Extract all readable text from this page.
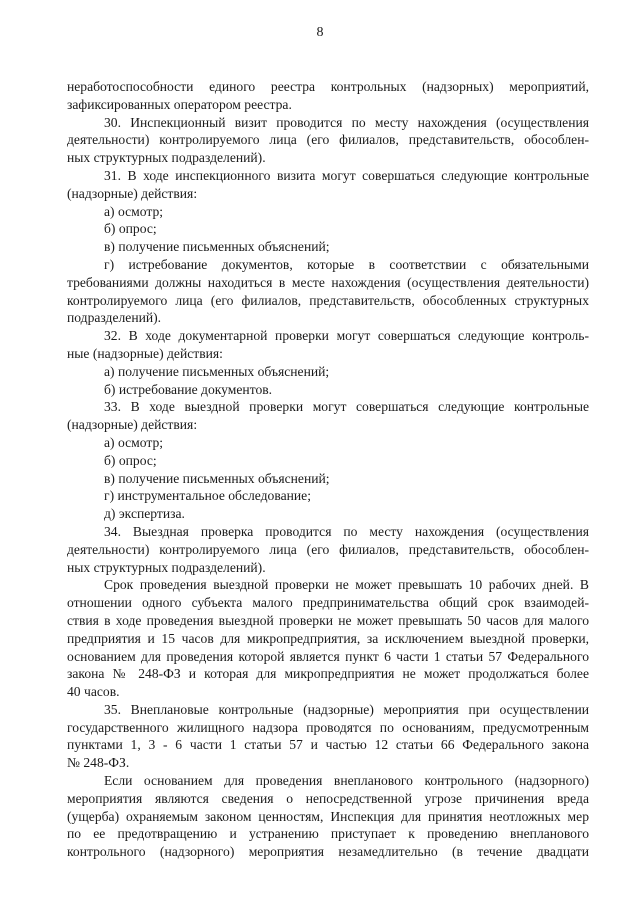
8
неработоспособности единого реестра контрольных (надзорных) мероприятий,
зафиксированных оператором реестра.
30. Инспекционный визит проводится по месту нахождения (осуществления
деятельности) контролируемого лица (его филиалов, представительств, обособлен-
ных структурных подразделений).
31. В ходе инспекционного визита могут совершаться следующие контрольные
(надзорные) действия:
а) осмотр;
б) опрос;
в) получение письменных объяснений;
г) истребование документов, которые в соответствии с обязательными
требованиями должны находиться в месте нахождения (осуществления деятельности)
контролируемого лица (его филиалов, представительств, обособленных структурных
подразделений).
32. В ходе документарной проверки могут совершаться следующие контроль-
ные (надзорные) действия:
а) получение письменных объяснений;
б) истребование документов.
33. В ходе выездной проверки могут совершаться следующие контрольные
(надзорные) действия:
а) осмотр;
б) опрос;
в) получение письменных объяснений;
г) инструментальное обследование;
д) экспертиза.
34. Выездная проверка проводится по месту нахождения (осуществления
деятельности) контролируемого лица (его филиалов, представительств, обособлен-
ных структурных подразделений).
Срок проведения выездной проверки не может превышать 10 рабочих дней. В
отношении одного субъекта малого предпринимательства общий срок взаимодей-
ствия в ходе проведения выездной проверки не может превышать 50 часов для малого
предприятия и 15 часов для микропредприятия, за исключением выездной проверки,
основанием для проведения которой является пункт 6 части 1 статьи 57 Федерального
закона № 248-ФЗ и которая для микропредприятия не может продолжаться более
40 часов.
35. Внеплановые контрольные (надзорные) мероприятия при осуществлении
государственного жилищного надзора проводятся по основаниям, предусмотренным
пунктами 1, 3 - 6 части 1 статьи 57 и частью 12 статьи 66 Федерального закона
№ 248-ФЗ.
Если основанием для проведения внепланового контрольного (надзорного)
мероприятия являются сведения о непосредственной угрозе причинения вреда
(ущерба) охраняемым законом ценностям, Инспекция для принятия неотложных мер
по ее предотвращению и устранению приступает к проведению внепланового
контрольного (надзорного) мероприятия незамедлительно (в течение двадцати
